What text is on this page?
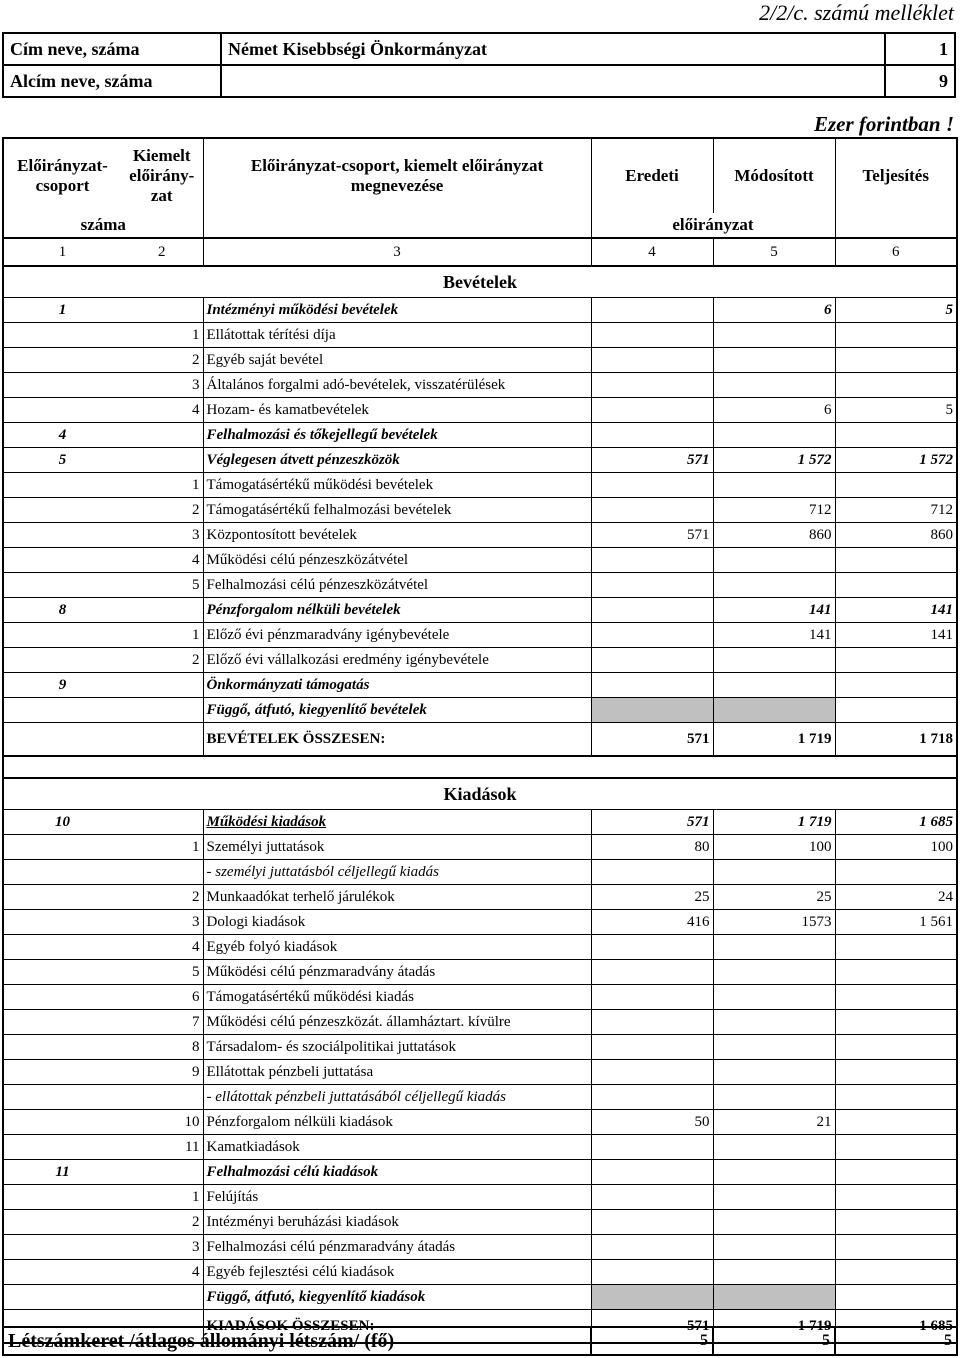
2/2/c. számú melléklet
Cím neve, száma	Német Kisebbségi Önkormányzat	1
Alcím neve, száma		9
Ezer forintban !
Előirányzat-csoport	Kiemelt előirány-zat	Előirányzat-csoport, kiemelt előirányzat megnevezése	Eredeti	Módosított	Teljesítés
száma			előirányzat		
1	2	3	4	5	6
Bevételek					
1		Intézményi működési bevételek		6	5
	1	Ellátottak térítési díja			
	2	Egyéb saját bevétel			
	3	Általános forgalmi adó-bevételek, visszatérülések			
	4	Hozam- és kamatbevételek		6	5
4		Felhalmozási és tőkejellegű bevételek			
5		Véglegesen átvett pénzeszközök	571	1 572	1 572
	1	Támogatásértékű működési bevételek			
	2	Támogatásértékű felhalmozási bevételek		712	712
	3	Központosított bevételek	571	860	860
	4	Működési célú pénzeszközátvétel			
	5	Felhalmozási célú pénzeszközátvétel			
8		Pénzforgalom nélküli bevételek		141	141
	1	Előző évi pénzmaradvány igénybevétele		141	141
	2	Előző évi vállalkozási eredmény igénybevétele			
9		Önkormányzati támogatás			
		Függő, átfutó, kiegyenlítő bevételek			
		BEVÉTELEK ÖSSZESEN:	571	1 719	1 718

Kiadások					
10		Működési kiadások	571	1 719	1 685
	1	Személyi juttatások	80	100	100
		- személyi juttatásból céljellegű kiadás			
	2	Munkaadókat terhelő járulékok	25	25	24
	3	Dologi kiadások	416	1573	1 561
	4	Egyéb folyó kiadások			
	5	Működési célú pénzmaradvány átadás			
	6	Támogatásértékű működési kiadás			
	7	Működési célú pénzeszközát. államháztart. kívülre			
	8	Társadalom- és szociálpolitikai juttatások			
	9	Ellátottak pénzbeli juttatása			
		- ellátottak pénzbeli juttatásából céljellegű kiadás			
	10	Pénzforgalom nélküli kiadások	50	21	
	11	Kamatkiadások			
11		Felhalmozási célú kiadások			
	1	Felújítás			
	2	Intézményi beruházási kiadások			
	3	Felhalmozási célú pénzmaradvány átadás			
	4	Egyéb fejlesztési célú kiadások			
		Függő, átfutó, kiegyenlítő kiadások			
		KIADÁSOK ÖSSZESEN:	571	1 719	1 685
Létszámkeret /átlagos állományi létszám/ (fő)	5	5	5
